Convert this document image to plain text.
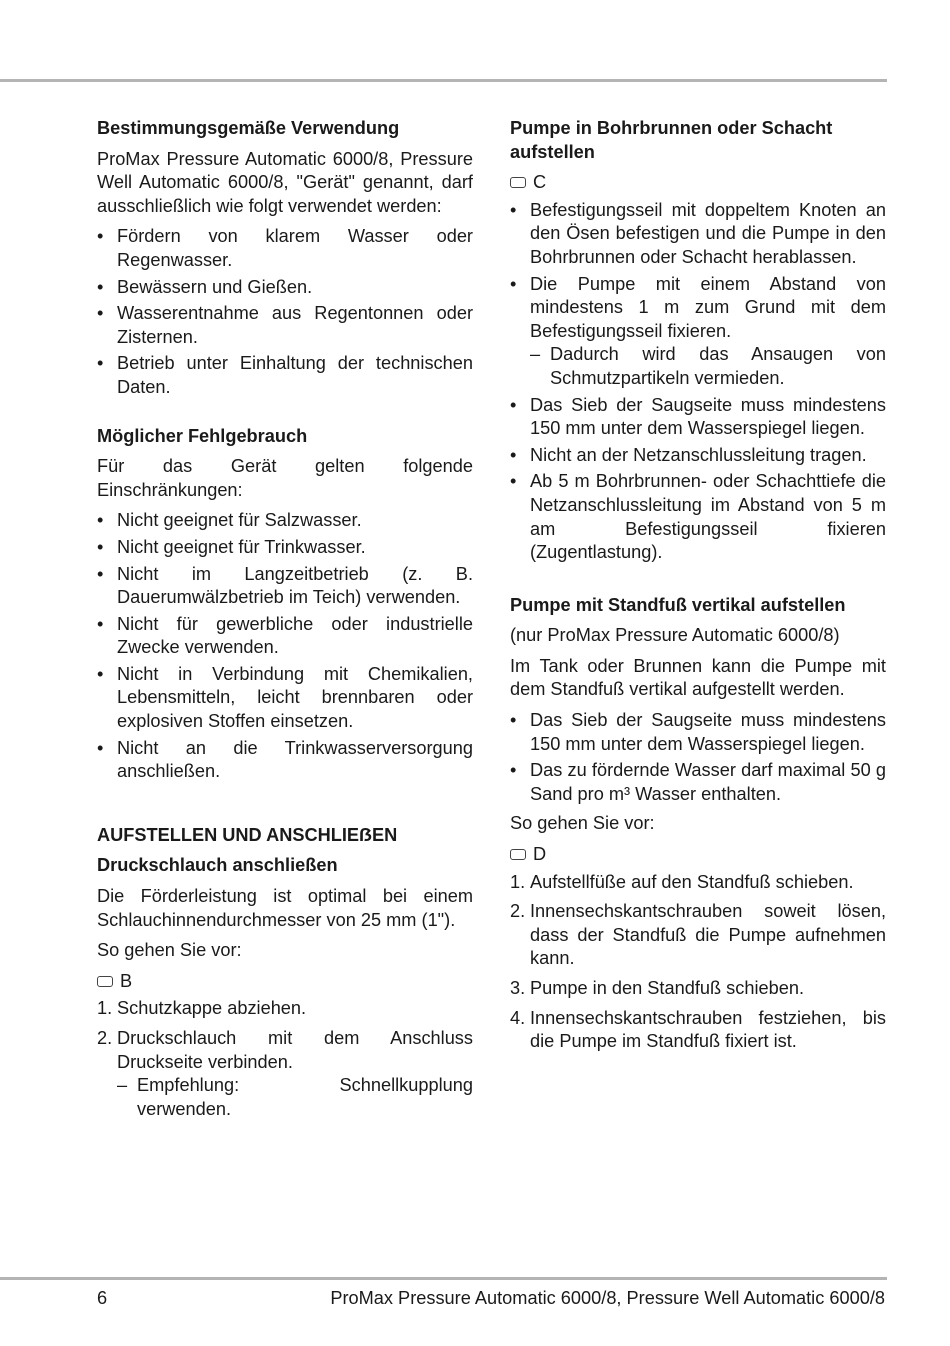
Bestimmungsgemäße Verwendung

ProMax Pressure Automatic 6000/8, Pressure Well Automatic 6000/8, "Gerät" genannt, darf ausschließlich wie folgt verwendet werden:

• Fördern von klarem Wasser oder Regenwasser.
• Bewässern und Gießen.
• Wasserentnahme aus Regentonnen oder Zisternen.
• Betrieb unter Einhaltung der technischen Daten.
Möglicher Fehlgebrauch

Für das Gerät gelten folgende Einschränkungen:

• Nicht geeignet für Salzwasser.
• Nicht geeignet für Trinkwasser.
• Nicht im Langzeitbetrieb (z. B. Dauerumwälzbetrieb im Teich) verwenden.
• Nicht für gewerbliche oder industrielle Zwecke verwenden.
• Nicht in Verbindung mit Chemikalien, Lebensmitteln, leicht brennbaren oder explosiven Stoffen einsetzen.
• Nicht an die Trinkwasserversorgung anschließen.
AUFSTELLEN UND ANSCHLIEẞEN
Druckschlauch anschließen

Die Förderleistung ist optimal bei einem Schlauchinnendurchmesser von 25 mm (1").

So gehen Sie vor:

B
1. Schutzkappe abziehen.
2. Druckschlauch mit dem Anschluss Druckseite verbinden.
– Empfehlung: Schnellkupplung verwenden.
Pumpe in Bohrbrunnen oder Schacht aufstellen
C
• Befestigungsseil mit doppeltem Knoten an den Ösen befestigen und die Pumpe in den Bohrbrunnen oder Schacht herablassen.
• Die Pumpe mit einem Abstand von mindestens 1 m zum Grund mit dem Befestigungsseil fixieren.
– Dadurch wird das Ansaugen von Schmutzpartikeln vermieden.
• Das Sieb der Saugseite muss mindestens 150 mm unter dem Wasserspiegel liegen.
• Nicht an der Netzanschlussleitung tragen.
• Ab 5 m Bohrbrunnen- oder Schachttiefe die Netzanschlussleitung im Abstand von 5 m am Befestigungsseil fixieren (Zugentlastung).
Pumpe mit Standfuß vertikal aufstellen

(nur ProMax Pressure Automatic 6000/8)

Im Tank oder Brunnen kann die Pumpe mit dem Standfuß vertikal aufgestellt werden.

• Das Sieb der Saugseite muss mindestens 150 mm unter dem Wasserspiegel liegen.
• Das zu fördernde Wasser darf maximal 50 g Sand pro m³ Wasser enthalten.

So gehen Sie vor:

D
1. Aufstellfüße auf den Standfuß schieben.
2. Innensechskantschrauben soweit lösen, dass der Standfuß die Pumpe aufnehmen kann.
3. Pumpe in den Standfuß schieben.
4. Innensechskantschrauben festziehen, bis die Pumpe im Standfuß fixiert ist.
6	ProMax Pressure Automatic 6000/8, Pressure Well Automatic 6000/8
